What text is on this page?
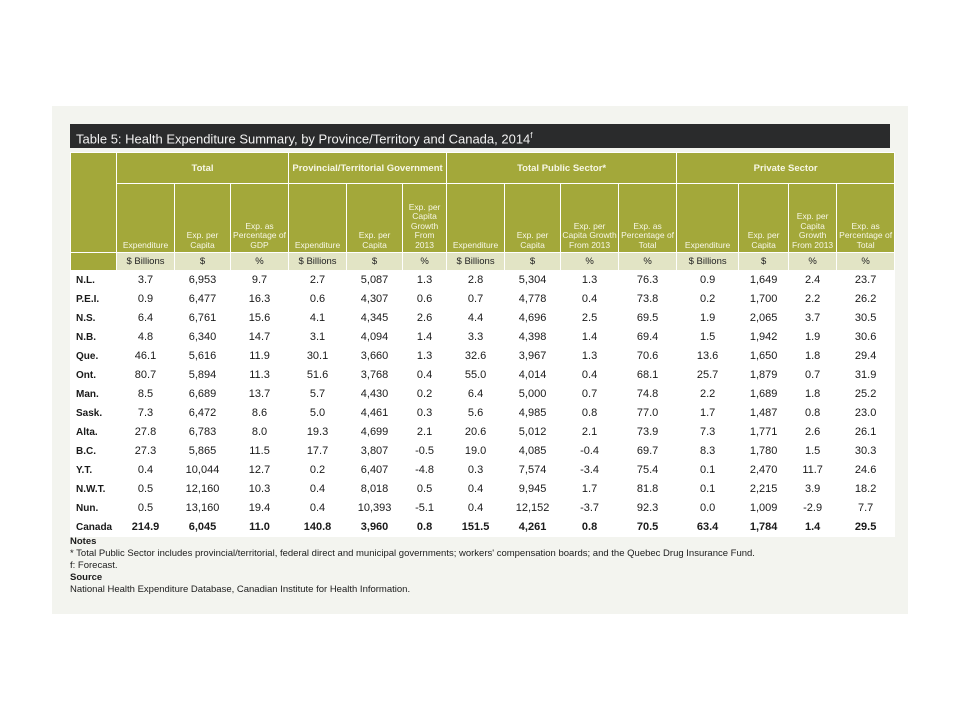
Table 5: Health Expenditure Summary, by Province/Territory and Canada, 2014$^f$
	Total			Provincial/Territorial Government			Total Public Sector*				Private Sector			
	Expenditure	Exp. per Capita	Exp. as Percentage of GDP	Expenditure	Exp. per Capita	Exp. per Capita Growth From 2013	Expenditure	Exp. per Capita	Exp. per Capita Growth From 2013	Exp. as Percentage of Total	Expenditure	Exp. per Capita	Exp. per Capita Growth From 2013	Exp. as Percentage of Total
	$ Billions	$	%	$ Billions	$	%	$ Billions	$	%	%	$ Billions	$	%	%
N.L.	3.7	6,953	9.7	2.7	5,087	1.3	2.8	5,304	1.3	76.3	0.9	1,649	2.4	23.7
P.E.I.	0.9	6,477	16.3	0.6	4,307	0.6	0.7	4,778	0.4	73.8	0.2	1,700	2.2	26.2
N.S.	6.4	6,761	15.6	4.1	4,345	2.6	4.4	4,696	2.5	69.5	1.9	2,065	3.7	30.5
N.B.	4.8	6,340	14.7	3.1	4,094	1.4	3.3	4,398	1.4	69.4	1.5	1,942	1.9	30.6
Que.	46.1	5,616	11.9	30.1	3,660	1.3	32.6	3,967	1.3	70.6	13.6	1,650	1.8	29.4
Ont.	80.7	5,894	11.3	51.6	3,768	0.4	55.0	4,014	0.4	68.1	25.7	1,879	0.7	31.9
Man.	8.5	6,689	13.7	5.7	4,430	0.2	6.4	5,000	0.7	74.8	2.2	1,689	1.8	25.2
Sask.	7.3	6,472	8.6	5.0	4,461	0.3	5.6	4,985	0.8	77.0	1.7	1,487	0.8	23.0
Alta.	27.8	6,783	8.0	19.3	4,699	2.1	20.6	5,012	2.1	73.9	7.3	1,771	2.6	26.1
B.C.	27.3	5,865	11.5	17.7	3,807	-0.5	19.0	4,085	-0.4	69.7	8.3	1,780	1.5	30.3
Y.T.	0.4	10,044	12.7	0.2	6,407	-4.8	0.3	7,574	-3.4	75.4	0.1	2,470	11.7	24.6
N.W.T.	0.5	12,160	10.3	0.4	8,018	0.5	0.4	9,945	1.7	81.8	0.1	2,215	3.9	18.2
Nun.	0.5	13,160	19.4	0.4	10,393	-5.1	0.4	12,152	-3.7	92.3	0.0	1,009	-2.9	7.7
Canada	214.9	6,045	11.0	140.8	3,960	0.8	151.5	4,261	0.8	70.5	63.4	1,784	1.4	29.5
Notes
* Total Public Sector includes provincial/territorial, federal direct and municipal governments; workers' compensation boards; and the Quebec Drug Insurance Fund.
f: Forecast.
Source
National Health Expenditure Database, Canadian Institute for Health Information.
